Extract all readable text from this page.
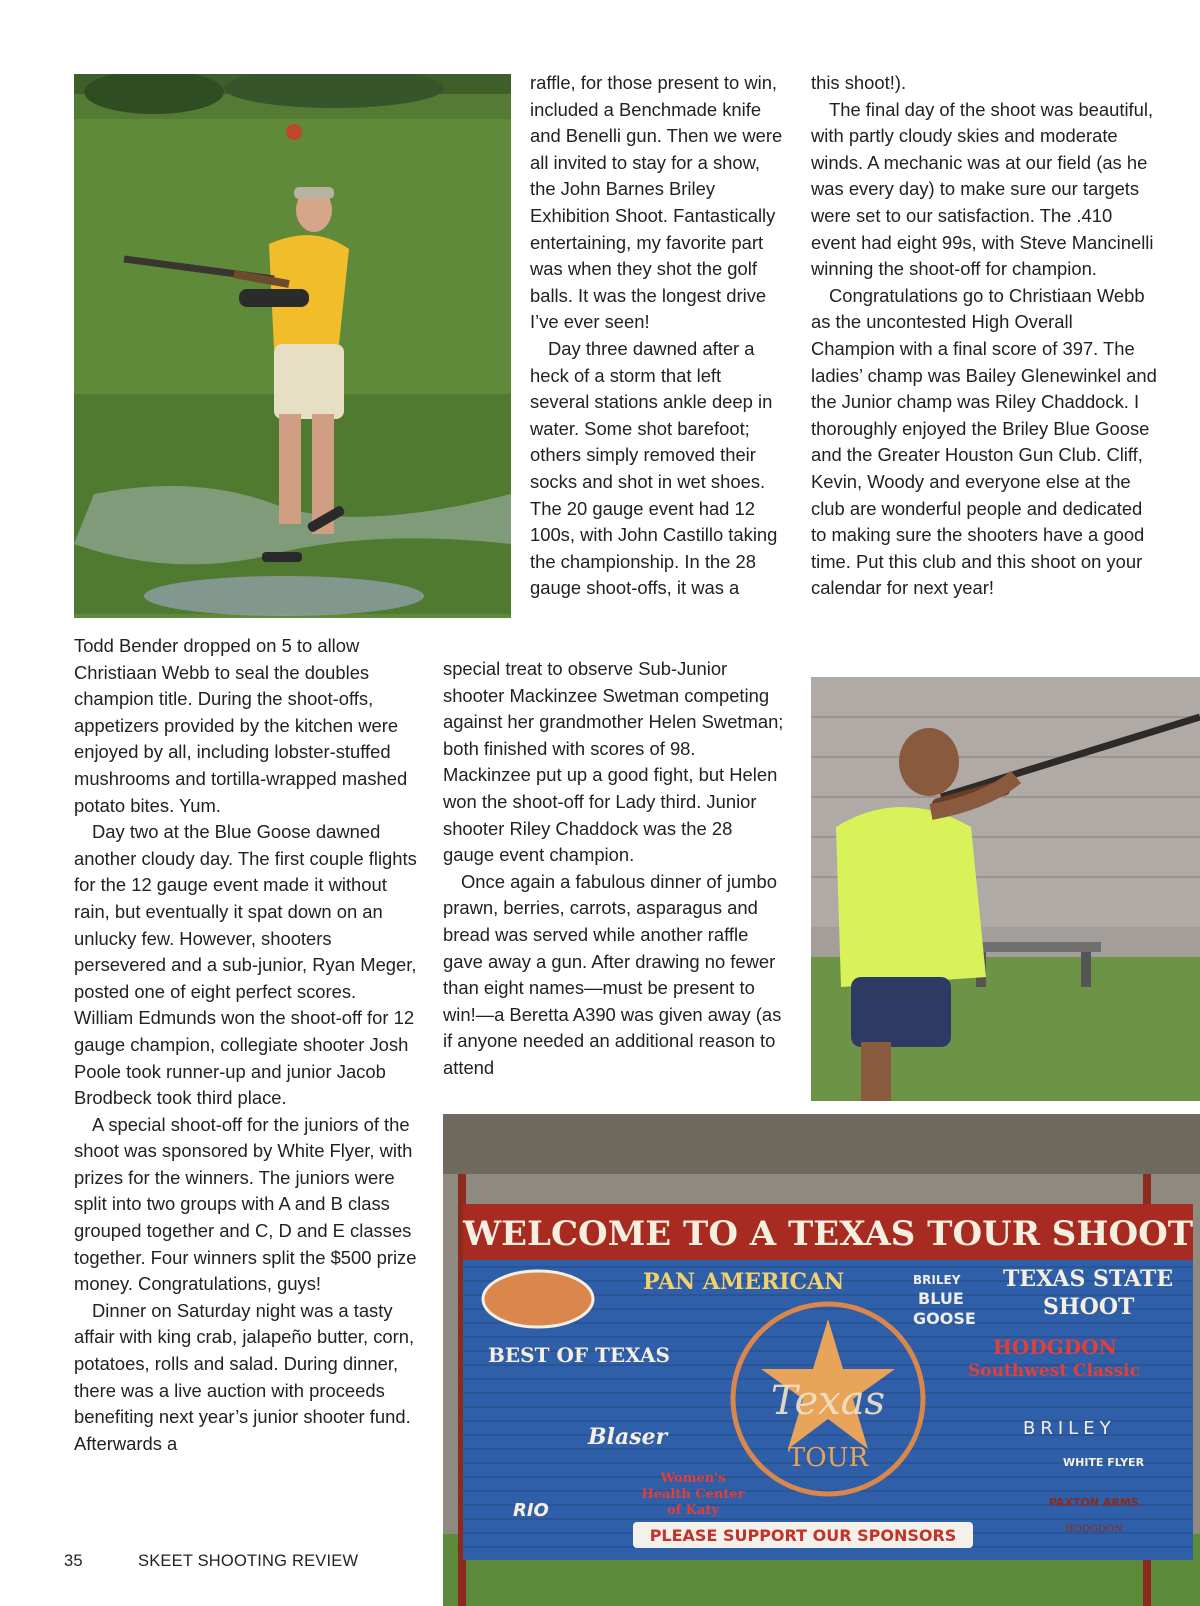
WELCOME TO A TEXAS TOUR SHOOT
PAN AMERICAN	BRILEY
BLUE
GOOSE
TEXAS STATE
SHOOT
BEST OF TEXAS
Texas
TOUR
HODGDON
Southwest Classic
Blaser	BRILEY
Women's
Health Center
of Katy
WHITE FLYER
PAXTON ARMS
RIO
HODGDON
PLEASE SUPPORT OUR SPONSORS

Todd Bender dropped on 5 to allow Christiaan Webb to seal the doubles champion title. During the shoot-offs, appetizers provided by the kitchen were enjoyed by all, including lobster-stuffed mushrooms and tortilla-wrapped mashed potato bites. Yum.

Day two at the Blue Goose dawned another cloudy day. The first couple flights for the 12 gauge event made it without rain, but eventually it spat down on an unlucky few. However, shooters persevered and a sub-junior, Ryan Meger, posted one of eight perfect scores. William Edmunds won the shoot-off for 12 gauge champion, collegiate shooter Josh Poole took runner-up and junior Jacob Brodbeck took third place.

A special shoot-off for the juniors of the shoot was sponsored by White Flyer, with prizes for the winners. The juniors were split into two groups with A and B class grouped together and C, D and E classes together. Four winners split the $500 prize money. Congratulations, guys!

Dinner on Saturday night was a tasty affair with king crab, jalapeño butter, corn, potatoes, rolls and salad. During dinner, there was a live auction with proceeds benefiting next year’s junior shooter fund. Afterwards a

raffle, for those present to win, included a Benchmade knife and Benelli gun. Then we were all invited to stay for a show, the John Barnes Briley Exhibition Shoot. Fantastically entertaining, my favorite part was when they shot the golf balls. It was the longest drive I’ve ever seen!

Day three dawned after a heck of a storm that left several stations ankle deep in water. Some shot barefoot; others simply removed their socks and shot in wet shoes. The 20 gauge event had 12 100s, with John Castillo taking the championship. In the 28 gauge shoot-offs, it was a

special treat to observe Sub-Junior shooter Mackinzee Swetman competing against her grandmother Helen Swetman; both finished with scores of 98. Mackinzee put up a good fight, but Helen won the shoot-off for Lady third. Junior shooter Riley Chaddock was the 28 gauge event champion.

Once again a fabulous dinner of jumbo prawn, berries, carrots, asparagus and bread was served while another raffle gave away a gun. After drawing no fewer than eight names—must be present to win!—a Beretta A390 was given away (as if anyone needed an additional reason to attend

this shoot!).

The final day of the shoot was beautiful, with partly cloudy skies and moderate winds. A mechanic was at our field (as he was every day) to make sure our targets were set to our satisfaction. The .410 event had eight 99s, with Steve Mancinelli winning the shoot-off for champion.

Congratulations go to Christiaan Webb as the uncontested High Overall Champion with a final score of 397. The ladies’ champ was Bailey Glenewinkel and the Junior champ was Riley Chaddock. I thoroughly enjoyed the Briley Blue Goose and the Greater Houston Gun Club. Cliff, Kevin, Woody and everyone else at the club are wonderful people and dedicated to making sure the shooters have a good time. Put this club and this shoot on your calendar for next year!

35	SKEET SHOOTING REVIEW
